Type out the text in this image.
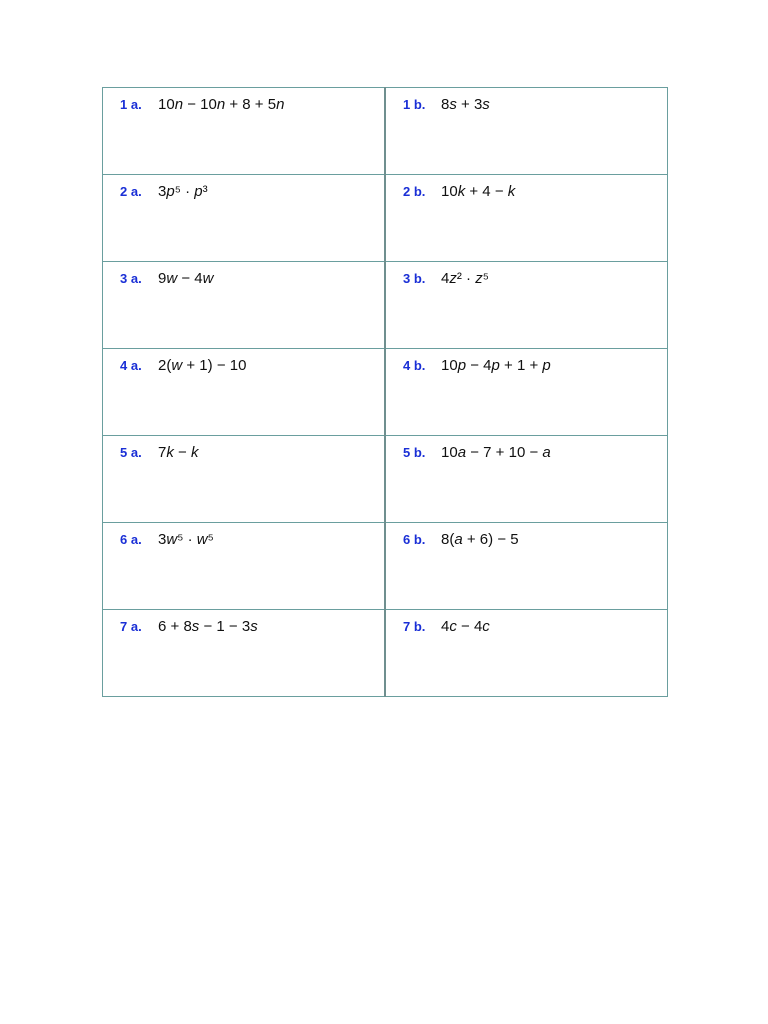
1 a. 10n − 10n + 8 + 5n	1 b. 8s + 3s

2 a. 3p⁵ · p³	2 b. 10k + 4 − k

3 a. 9w − 4w	3 b. 4z² · z⁵

4 a. 2(w + 1) − 10	4 b. 10p − 4p + 1 + p

5 a. 7k − k	5 b. 10a − 7 + 10 − a

6 a. 3w⁵ · w⁵	6 b. 8(a + 6) − 5

7 a. 6 + 8s − 1 − 3s	7 b. 4c − 4c
